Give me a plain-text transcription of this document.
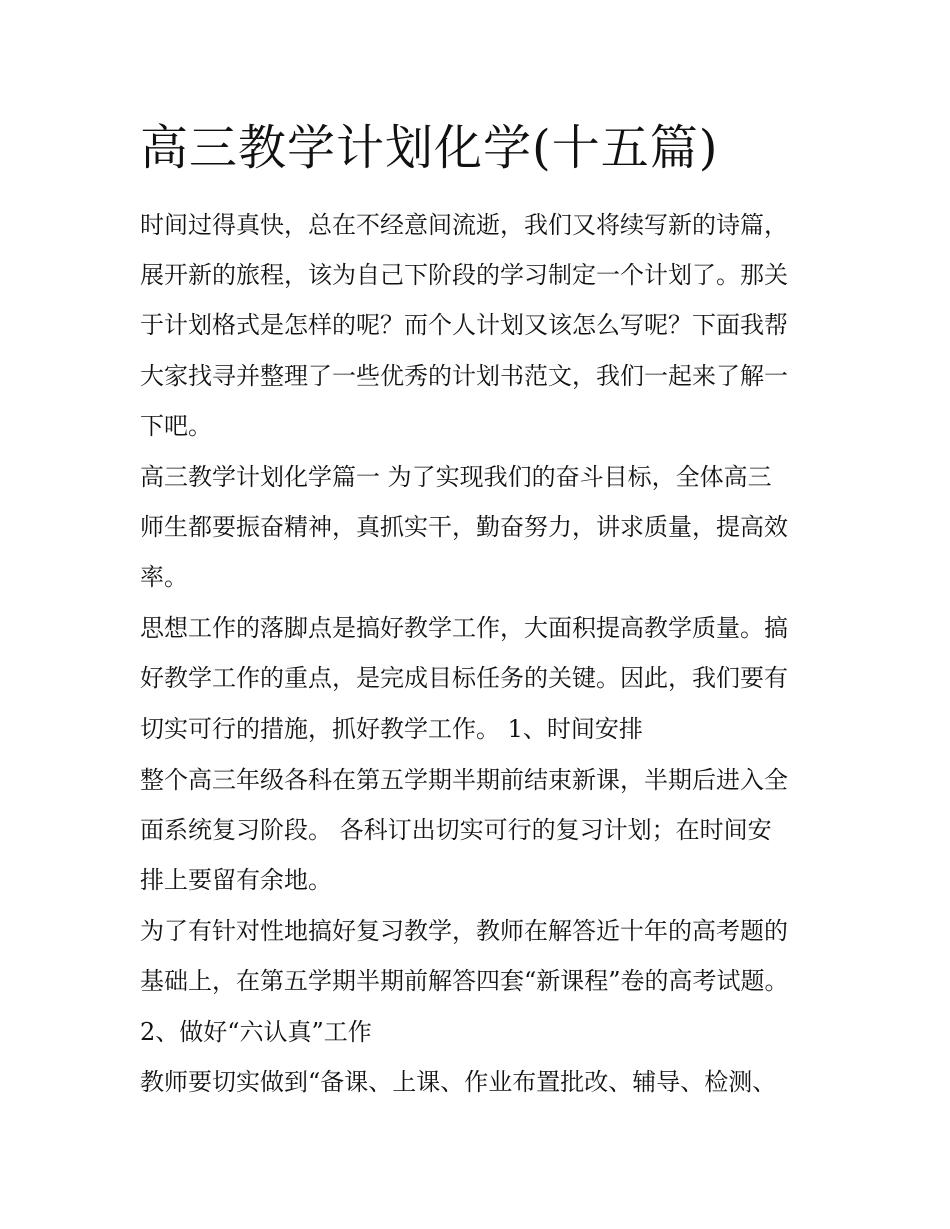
高三教学计划化学(十五篇)

时间过得真快，总在不经意间流逝，我们又将续写新的诗篇，

展开新的旅程，该为自己下阶段的学习制定一个计划了。那关

于计划格式是怎样的呢？而个人计划又该怎么写呢？下面我帮

大家找寻并整理了一些优秀的计划书范文，我们一起来了解一

下吧。

高三教学计划化学篇一 为了实现我们的奋斗目标，全体高三

师生都要振奋精神，真抓实干，勤奋努力，讲求质量，提高效

率。

思想工作的落脚点是搞好教学工作，大面积提高教学质量。搞

好教学工作的重点，是完成目标任务的关键。因此，我们要有

切实可行的措施，抓好教学工作。 1、时间安排

整个高三年级各科在第五学期半期前结束新课，半期后进入全

面系统复习阶段。 各科订出切实可行的复习计划；在时间安

排上要留有余地。

为了有针对性地搞好复习教学，教师在解答近十年的高考题的

基础上，在第五学期半期前解答四套“新课程”卷的高考试题。

2、做好“六认真”工作

教师要切实做到“备课、上课、作业布置批改、辅导、检测、
